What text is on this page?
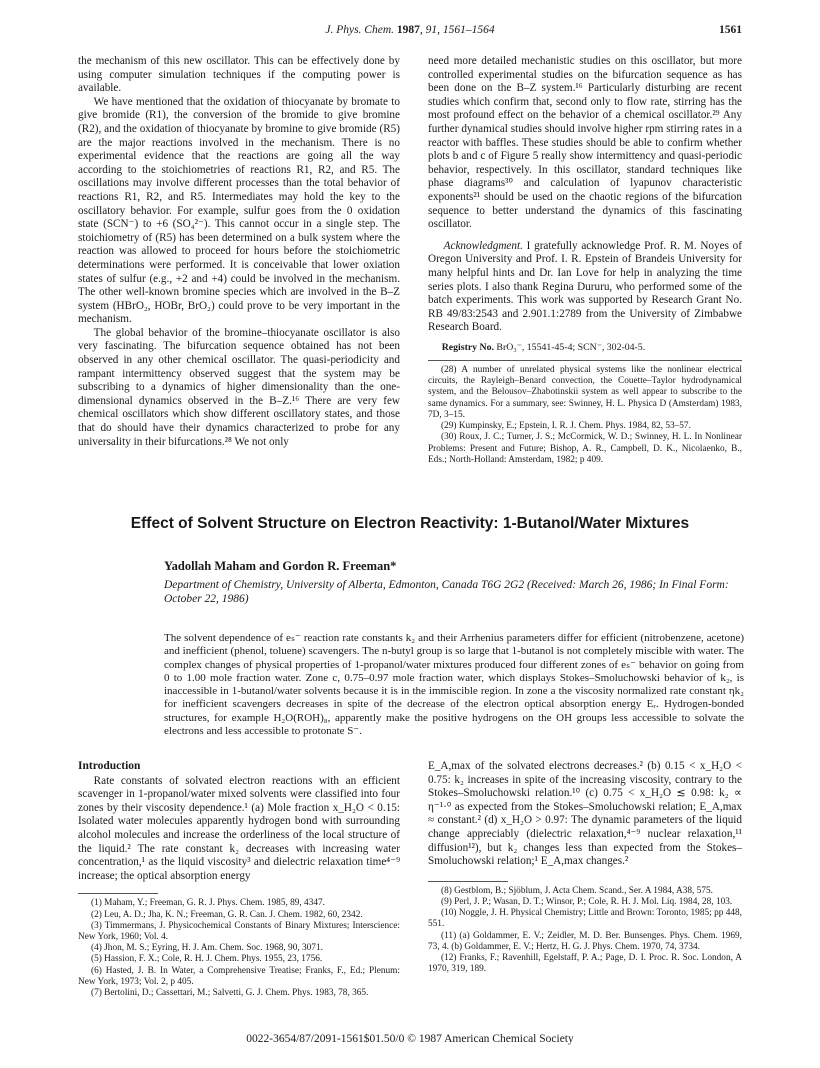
J. Phys. Chem. 1987, 91, 1561–1564	1561

the mechanism of this new oscillator. This can be effectively done by using computer simulation techniques if the computing power is available.

We have mentioned that the oxidation of thiocyanate by bromate to give bromide (R1), the conversion of the bromide to give bromine (R2), and the oxidation of thiocyanate by bromine to give bromide (R5) are the major reactions involved in the mechanism. There is no experimental evidence that the reactions are going all the way according to the stoichiometries of reactions R1, R2, and R5. The oscillations may involve different processes than the total behavior of reactions R1, R2, and R5. Intermediates may hold the key to the oscillatory behavior. For example, sulfur goes from the 0 oxidation state (SCN⁻) to +6 (SO₄²⁻). This cannot occur in a single step. The stoichiometry of (R5) has been determined on a bulk system where the reaction was allowed to proceed for hours before the stoichiometric determinations were performed. It is conceivable that lower oxiation states of sulfur (e.g., +2 and +4) could be involved in the mechanism. The other well-known bromine species which are involved in the B–Z system (HBrO₂, HOBr, BrO₂) could prove to be very important in the mechanism.

The global behavior of the bromine–thiocyanate oscillator is also very fascinating. The bifurcation sequence obtained has not been observed in any other chemical oscillator. The quasi-periodicity and rampant intermittency observed suggest that the system may be subscribing to a dynamics of higher dimensionality than the one-dimensional dynamics observed in the B–Z.¹⁶ There are very few chemical oscillators which show different oscillatory states, and those that do should have their dynamics characterized to probe for any universality in their bifurcations.²⁸ We not only

need more detailed mechanistic studies on this oscillator, but more controlled experimental studies on the bifurcation sequence as has been done on the B–Z system.¹⁶ Particularly disturbing are recent studies which confirm that, second only to flow rate, stirring has the most profound effect on the behavior of a chemical oscillator.²⁹ Any further dynamical studies should involve higher rpm stirring rates in a reactor with baffles. These studies should be able to confirm whether plots b and c of Figure 5 really show intermittency and quasi-periodic behavior, respectively. In this oscillator, standard techniques like phase diagrams³⁰ and calculation of lyapunov characteristic exponents²¹ should be used on the chaotic regions of the bifurcation sequence to better understand the dynamics of this fascinating oscillator.

Acknowledgment. I gratefully acknowledge Prof. R. M. Noyes of Oregon University and Prof. I. R. Epstein of Brandeis University for many helpful hints and Dr. Ian Love for help in analyzing the time series plots. I also thank Regina Dururu, who performed some of the batch experiments. This work was supported by Research Grant No. RB 49/83:2543 and 2.901.1:2789 from the University of Zimbabwe Research Board.

Registry No. BrO₃⁻, 15541-45-4; SCN⁻, 302-04-5.

(28) A number of unrelated physical systems like the nonlinear electrical circuits, the Rayleigh–Benard convection, the Couette–Taylor hydrodynamical system, and the Belousov–Zhabotinskii system as well appear to subscribe to the same dynamics. For a summary, see: Swinney, H. L. Physica D (Amsterdam) 1983, 7D, 3–15.

(29) Kumpinsky, E.; Epstein, I. R. J. Chem. Phys. 1984, 82, 53–57.

(30) Roux, J. C.; Turner, J. S.; McCormick, W. D.; Swinney, H. L. In Nonlinear Problems: Present and Future; Bishop, A. R., Campbell, D. K., Nicolaenko, B., Eds.; North-Holland: Amsterdam, 1982; p 409.

Effect of Solvent Structure on Electron Reactivity: 1-Butanol/Water Mixtures
Yadollah Maham and Gordon R. Freeman*
Department of Chemistry, University of Alberta, Edmonton, Canada T6G 2G2 (Received: March 26, 1986; In Final Form: October 22, 1986)
The solvent dependence of eₛ⁻ reaction rate constants k₂ and their Arrhenius parameters differ for efficient (nitrobenzene, acetone) and inefficient (phenol, toluene) scavengers. The n-butyl group is so large that 1-butanol is not completely miscible with water. The complex changes of physical properties of 1-propanol/water mixtures produced four different zones of eₛ⁻ behavior on going from 0 to 1.00 mole fraction water. Zone c, 0.75–0.97 mole fraction water, which displays Stokes–Smoluchowski behavior of k₂, is inaccessible in 1-butanol/water solvents because it is in the immiscible region. In zone a the viscosity normalized rate constant ηk₂ for inefficient scavengers decreases in spite of the decrease of the electron optical absorption energy Eᵣ. Hydrogen-bonded structures, for example H₂O(ROH)₈, apparently make the positive hydrogens on the OH groups less accessible to solvate the electrons and less accessible to protonate S⁻.

Introduction

Rate constants of solvated electron reactions with an efficient scavenger in 1-propanol/water mixed solvents were classified into four zones by their viscosity dependence.¹ (a) Mole fraction x_H₂O < 0.15: Isolated water molecules apparently hydrogen bond with surrounding alcohol molecules and increase the orderliness of the local structure of the liquid.² The rate constant k₂ decreases with increasing water concentration,¹ as the liquid viscosity³ and dielectric relaxation time⁴⁻⁹ increase; the optical absorption energy

(1) Maham, Y.; Freeman, G. R. J. Phys. Chem. 1985, 89, 4347.

(2) Leu, A. D.; Jha, K. N.; Freeman, G. R. Can. J. Chem. 1982, 60, 2342.

(3) Timmermans, J. Physicochemical Constants of Binary Mixtures; Interscience: New York, 1960; Vol. 4.

(4) Jhon, M. S.; Eyring, H. J. Am. Chem. Soc. 1968, 90, 3071.

(5) Hassion, F. X.; Cole, R. H. J. Chem. Phys. 1955, 23, 1756.

(6) Hasted, J. B. In Water, a Comprehensive Treatise; Franks, F., Ed.; Plenum: New York, 1973; Vol. 2, p 405.

(7) Bertolini, D.; Cassettari, M.; Salvetti, G. J. Chem. Phys. 1983, 78, 365.

E_A,max of the solvated electrons decreases.² (b) 0.15 < x_H₂O < 0.75: k₂ increases in spite of the increasing viscosity, contrary to the Stokes–Smoluchowski relation.¹⁰ (c) 0.75 < x_H₂O ≲ 0.98: k₂ ∝ η⁻¹·⁰ as expected from the Stokes–Smoluchowski relation; E_A,max ≈ constant.² (d) x_H₂O > 0.97: The dynamic parameters of the liquid change appreciably (dielectric relaxation,⁴⁻⁹ nuclear relaxation,¹¹ diffusion¹²), but k₂ changes less than expected from the Stokes–Smoluchowski relation;¹ E_A,max changes.²

(8) Gestblom, B.; Sjöblum, J. Acta Chem. Scand., Ser. A 1984, A38, 575.

(9) Perl, J. P.; Wasan, D. T.; Winsor, P.; Cole, R. H. J. Mol. Liq. 1984, 28, 103.

(10) Noggle, J. H. Physical Chemistry; Little and Brown: Toronto, 1985; pp 448, 551.

(11) (a) Goldammer, E. V.; Zeidler, M. D. Ber. Bunsenges. Phys. Chem. 1969, 73, 4. (b) Goldammer, E. V.; Hertz, H. G. J. Phys. Chem. 1970, 74, 3734.

(12) Franks, F.; Ravenhill, Egelstaff, P. A.; Page, D. I. Proc. R. Soc. London, A 1970, 319, 189.

0022-3654/87/2091-1561$01.50/0 © 1987 American Chemical Society
